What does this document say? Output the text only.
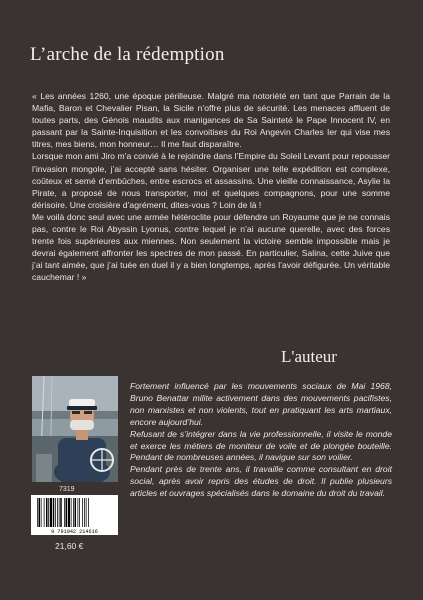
L’arche de la rédemption

« Les années 1260, une époque périlleuse. Malgré ma notoriété en tant que Parrain de la Mafia, Baron et Chevalier Pisan, la Sicile n’offre plus de sécurité. Les menaces affluent de toutes parts, des Génois maudits aux manigances de Sa Sainteté le Pape Innocent IV, en passant par la Sainte-Inquisition et les convoitises du Roi Angevin Charles Ier qui vise mes titres, mes biens, mon honneur… Il me faut disparaître.

Lorsque mon ami Jiro m’a convié à le rejoindre dans l’Empire du Soleil Levant pour repousser l’invasion mongole, j’ai accepté sans hésiter. Organiser une telle expédition est complexe, coûteux et semé d’embûches, entre escrocs et assassins. Une vieille connaissance, Asylie la Pirate, a proposé de nous transporter, moi et quelques compagnons, pour une somme dérisoire. Une croisière d’agrément, dites-vous ? Loin de là !

Me voilà donc seul avec une armée hétéroclite pour défendre un Royaume que je ne connais pas, contre le Roi Abyssin Lyonus, contre lequel je n’ai aucune querelle, avec des forces trente fois supérieures aux miennes. Non seulement la victoire semble impossible mais je devrai également affronter les spectres de mon passé. En particulier, Salina, cette Juive que j’ai tant aimée, que j’ai tuée en duel il y a bien longtemps, après l’avoir défigurée. Un véritable cauchemar ! »

L'auteur

Fortement influencé par les mouvements sociaux de Mai 1968, Bruno Benattar milite activement dans des mouvements pacifistes, non marxistes et non violents, tout en pratiquant les arts martiaux, encore aujourd’hui.

Refusant de s’intégrer dans la vie professionnelle, il visite le monde et exerce les métiers de moniteur de voile et de plongée bouteille. Pendant de nombreuses années, il navigue sur son voilier.

Pendant près de trente ans, il travaille comme consultant en droit social, après avoir repris des études de droit. Il publie plusieurs articles et ouvrages spécialisés dans le domaine du droit du travail.

7319
9 791042 214616
21,60 €
